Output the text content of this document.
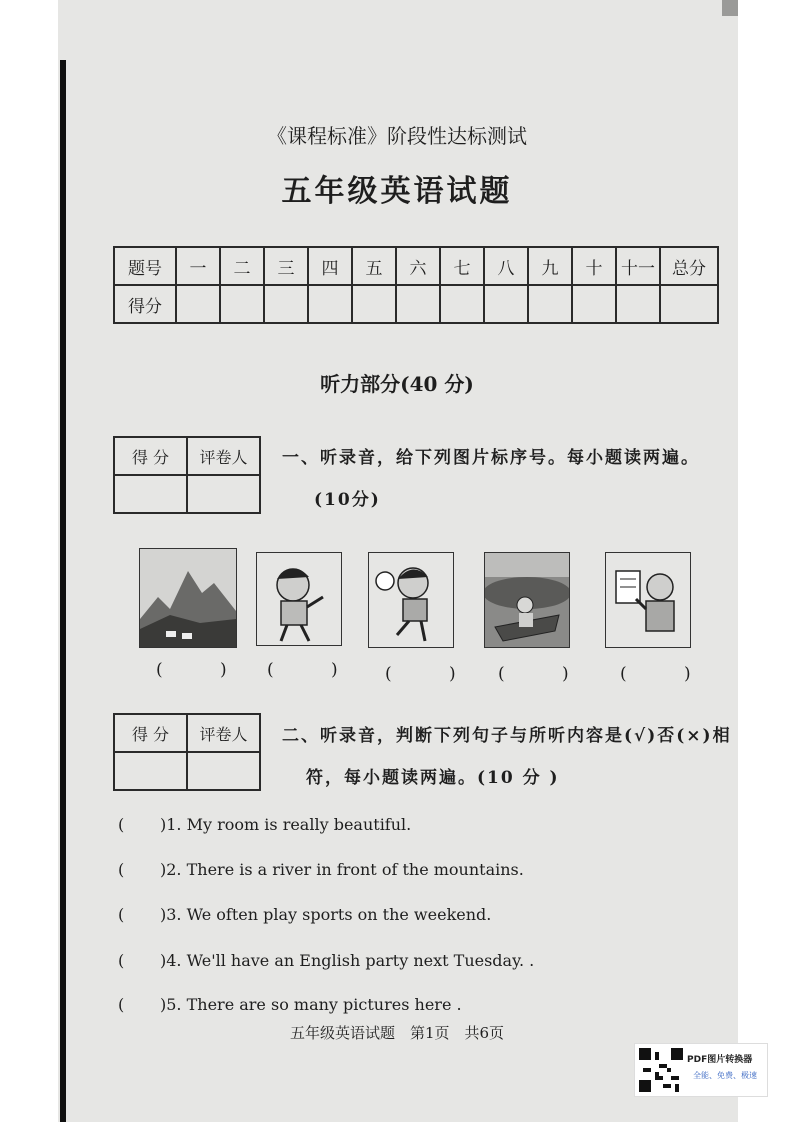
《课程标准》阶段性达标测试
五年级英语试题
题号	一	二	三	四	五	六	七	八	九	十	十一	总分
得分												
听力部分(40 分)
得 分	评卷人
	一、听录音，给下列图片标序号。每小题读两遍。
(10分)
( ) ( ) ( ) ( ) ( )
得 分	评卷人
	二、听录音，判断下列句子与所听内容是(√)否(×)相
符，每小题读两遍。(10 分 )
( )1. My room is really beautiful.
( )2. There is a river in front of the mountains.
( )3. We often play sports on the weekend.
( )4. We'll have an English party next Tuesday. .
( )5. There are so many pictures here .
五年级英语试题　第1页　共6页
PDF图片转换器
全能、免费、极速
